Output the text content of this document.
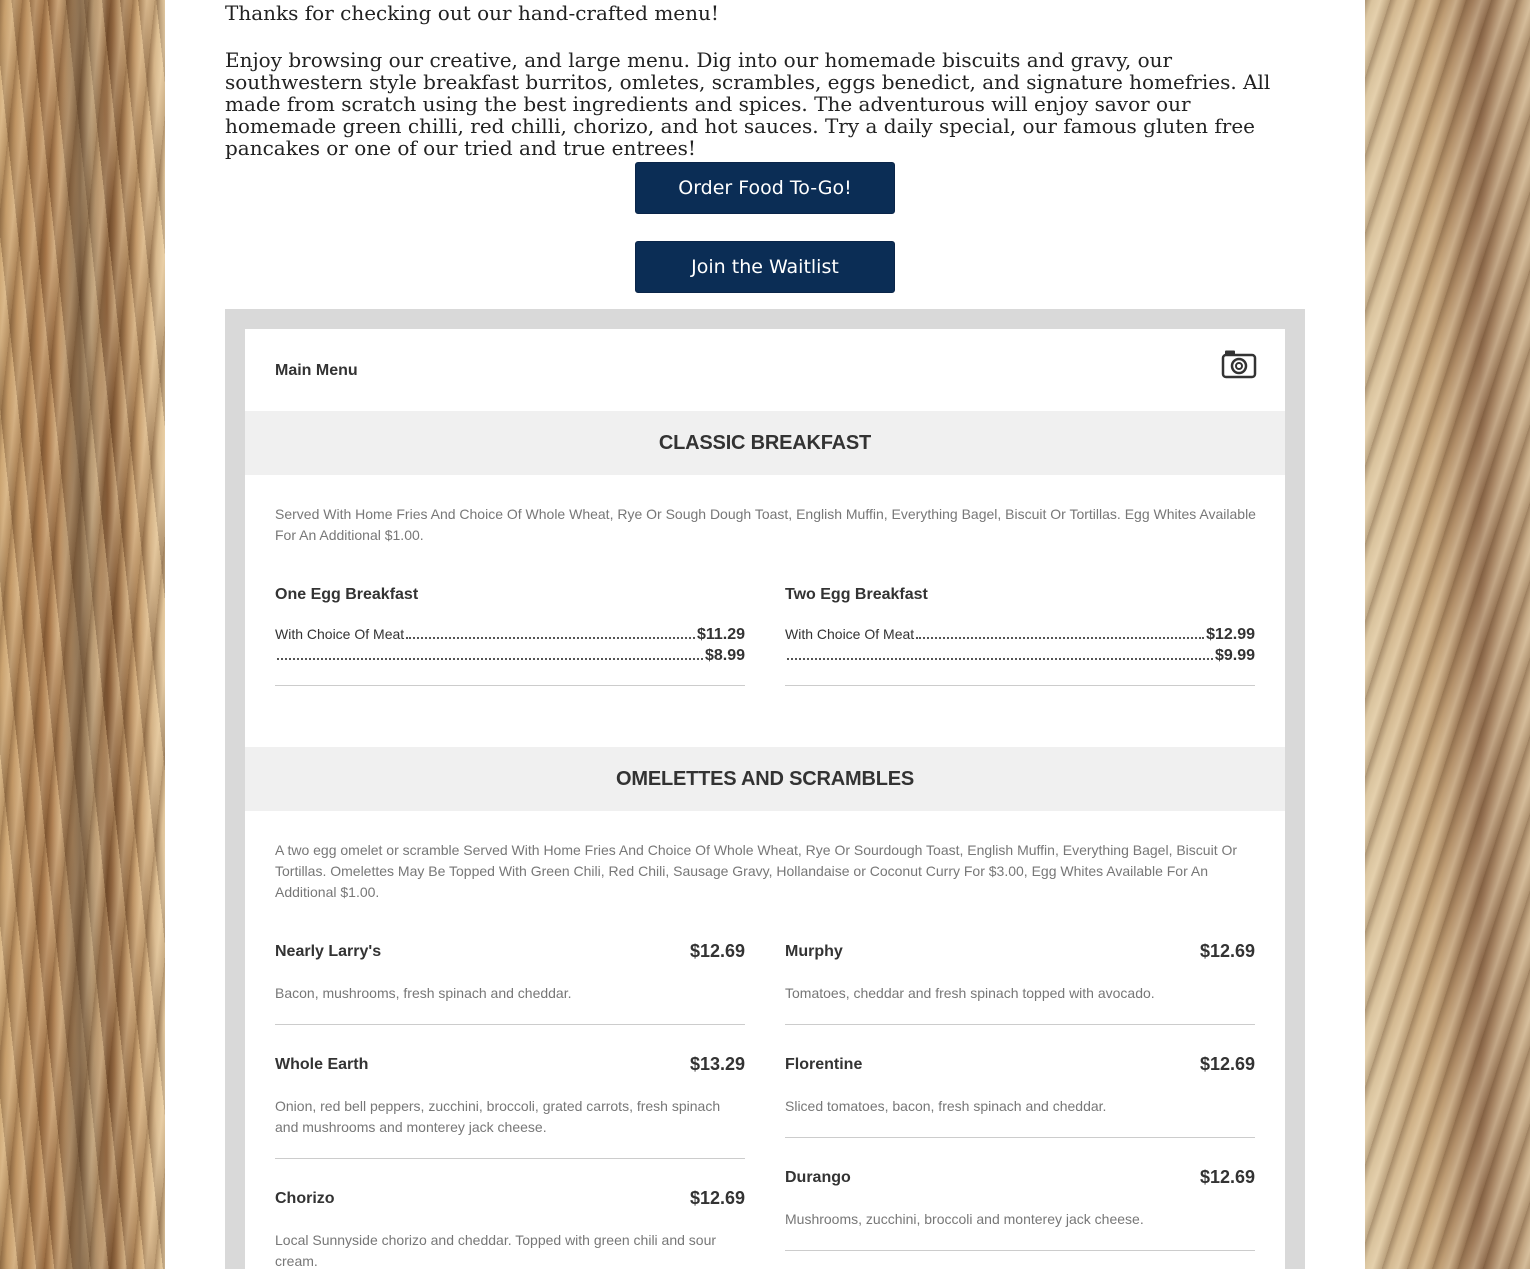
Thanks for checking out our hand-crafted menu!

Enjoy browsing our creative, and large menu. Dig into our homemade biscuits and gravy, our southwestern style breakfast burritos, omletes, scrambles, eggs benedict, and signature homefries. All made from scratch using the best ingredients and spices. The adventurous will enjoy savor our homemade green chilli, red chilli, chorizo, and hot sauces. Try a daily special, our famous gluten free pancakes or one of our tried and true entrees!

Order Food To-Go!
Join the Waitlist
Main Menu
CLASSIC BREAKFAST
Served With Home Fries And Choice Of Whole Wheat, Rye Or Sough Dough Toast, English Muffin, Everything Bagel, Biscuit Or Tortillas. Egg Whites Available For An Additional $1.00.
One Egg Breakfast
With Choice Of Meat	$11.29
$8.99
Two Egg Breakfast
With Choice Of Meat	$12.99
$9.99
OMELETTES AND SCRAMBLES
A two egg omelet or scramble Served With Home Fries And Choice Of Whole Wheat, Rye Or Sourdough Toast, English Muffin, Everything Bagel, Biscuit Or Tortillas. Omelettes May Be Topped With Green Chili, Red Chili, Sausage Gravy, Hollandaise or Coconut Curry For $3.00, Egg Whites Available For An Additional $1.00.
Nearly Larry's	$12.69
Bacon, mushrooms, fresh spinach and cheddar.
Murphy	$12.69
Tomatoes, cheddar and fresh spinach topped with avocado.
Whole Earth	$13.29
Onion, red bell peppers, zucchini, broccoli, grated carrots, fresh spinach and mushrooms and monterey jack cheese.
Florentine	$12.69
Sliced tomatoes, bacon, fresh spinach and cheddar.
Chorizo	$12.69
Local Sunnyside chorizo and cheddar. Topped with green chili and sour cream.
Durango	$12.69
Mushrooms, zucchini, broccoli and monterey jack cheese.
